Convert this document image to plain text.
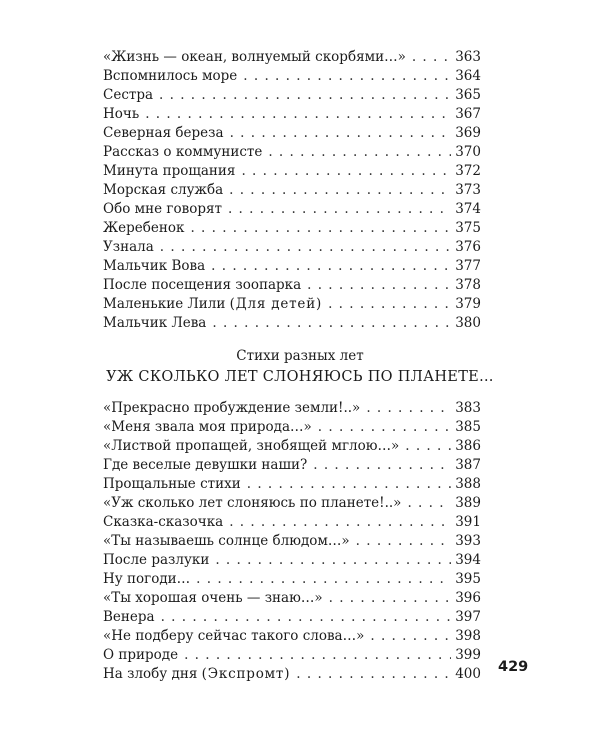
«Жизнь — океан, волнуемый скорбями…» . . .	363
Вспомнилось море . . .	364
Сестра . . .	365
Ночь . . .	367
Северная береза . . .	369
Рассказ о коммунисте . . .	370
Минута прощания . . .	372
Морская служба . . .	373
Обо мне говорят . . .	374
Жеребенок . . .	375
Узнала . . .	376
Мальчик Вова . . .	377
После посещения зоопарка . . .	378
Маленькие Лили (Для детей) . . .	379
Мальчик Лева . . .	380
Стихи разных лет
УЖ СКОЛЬКО ЛЕТ СЛОНЯЮСЬ ПО ПЛАНЕТЕ…
«Прекрасно пробуждение земли!..» . . .	383
«Меня звала моя природа…» . . .	385
«Листвой пропащей, знобящей мглою…» . . .	386
Где веселые девушки наши? . . .	387
Прощальные стихи . . .	388
«Уж сколько лет слоняюсь по планете!..» . . .	389
Сказка-сказочка . . .	391
«Ты называешь солнце блюдом…» . . .	393
После разлуки . . .	394
Ну погоди… . . .	395
«Ты хорошая очень — знаю…» . . .	396
Венера . . .	397
«Не подберу сейчас такого слова…» . . .	398
О природе . . .	399
На злобу дня (Экспромт) . . .	400 429
